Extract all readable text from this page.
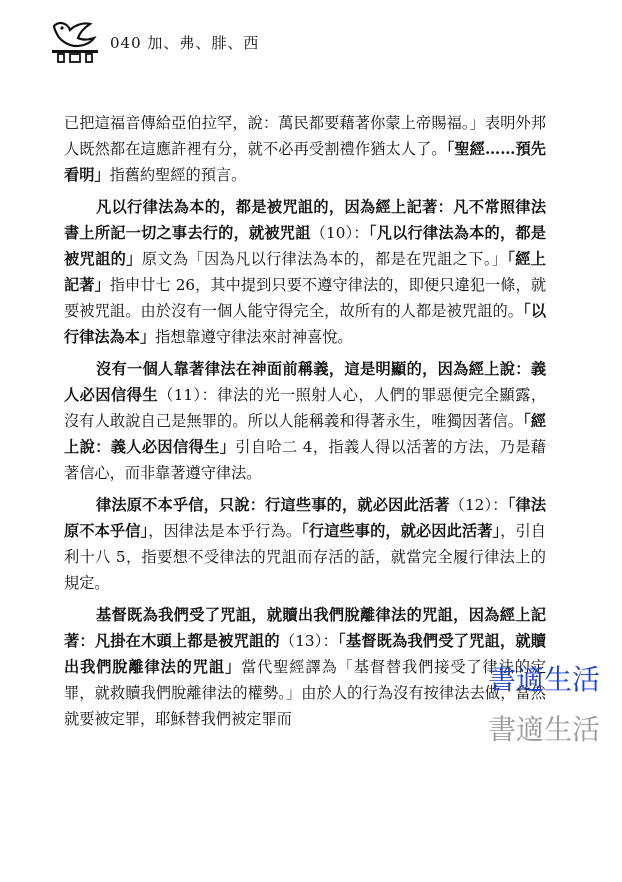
040 加、弗、腓、西

已把這福音傳給亞伯拉罕，說：萬民都要藉著你蒙上帝賜福。」表明外邦人既然都在這應許裡有分，就不必再受割禮作猶太人了。「聖經……預先看明」指舊約聖經的預言。

凡以行律法為本的，都是被咒詛的，因為經上記著：凡不常照律法書上所記一切之事去行的，就被咒詛（10）：「凡以行律法為本的，都是被咒詛的」原文為「因為凡以行律法為本的，都是在咒詛之下。」「經上記著」指申廿七 26，其中提到只要不遵守律法的，即便只違犯一條，就要被咒詛。由於沒有一個人能守得完全，故所有的人都是被咒詛的。「以行律法為本」指想靠遵守律法來討神喜悅。

沒有一個人靠著律法在神面前稱義，這是明顯的，因為經上說：義人必因信得生（11）：律法的光一照射人心，人們的罪惡便完全顯露，沒有人敢說自己是無罪的。所以人能稱義和得著永生，唯獨因著信。「經上說：義人必因信得生」引自哈二 4，指義人得以活著的方法，乃是藉著信心，而非靠著遵守律法。

律法原不本乎信，只說：行這些事的，就必因此活著（12）：「律法原不本乎信」，因律法是本乎行為。「行這些事的，就必因此活著」，引自利十八 5，指要想不受律法的咒詛而存活的話，就當完全履行律法上的規定。

基督既為我們受了咒詛，就贖出我們脫離律法的咒詛，因為經上記著：凡掛在木頭上都是被咒詛的（13）：「基督既為我們受了咒詛，就贖出我們脫離律法的咒詛」當代聖經譯為「基督替我們接受了律法的定罪，就救贖我們脫離律法的權勢。」由於人的行為沒有按律法去做，當然就要被定罪，耶穌替我們被定罪而

書適生活
書適生活
